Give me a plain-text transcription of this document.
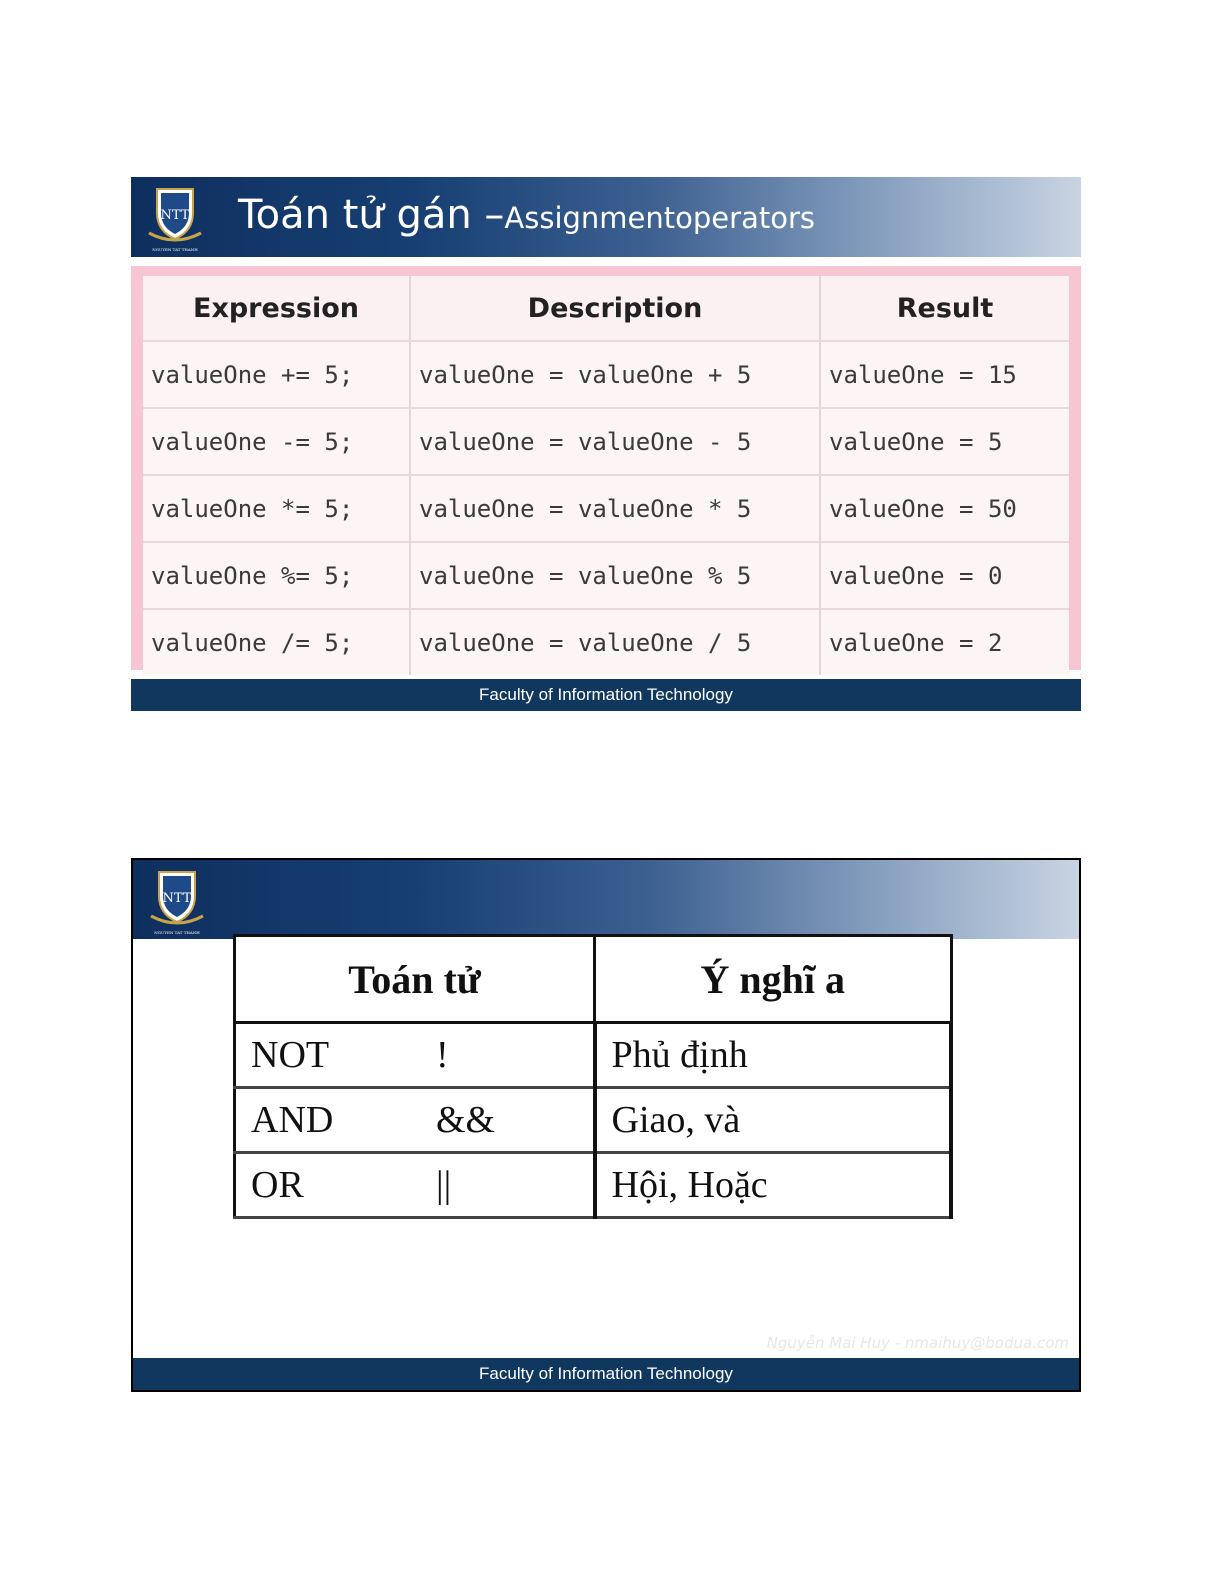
NTT
NGUYEN TAT THANH
Toán tử gán –Assignmentoperators
Expression	Description	Result
valueOne += 5;	valueOne = valueOne + 5	valueOne = 15
valueOne -= 5;	valueOne = valueOne - 5	valueOne = 5
valueOne *= 5;	valueOne = valueOne * 5	valueOne = 50
valueOne %= 5;	valueOne = valueOne % 5	valueOne = 0
valueOne /= 5;	valueOne = valueOne / 5	valueOne = 2
Faculty of Information Technology
NTT
NGUYEN TAT THANH
Toán tử	Ý nghĩ a
NOT !	Phủ định
AND &&	Giao, và
OR ||	Hội, Hoặc
Nguyễn Mai Huy - nmaihuy@bodua.com
Faculty of Information Technology
